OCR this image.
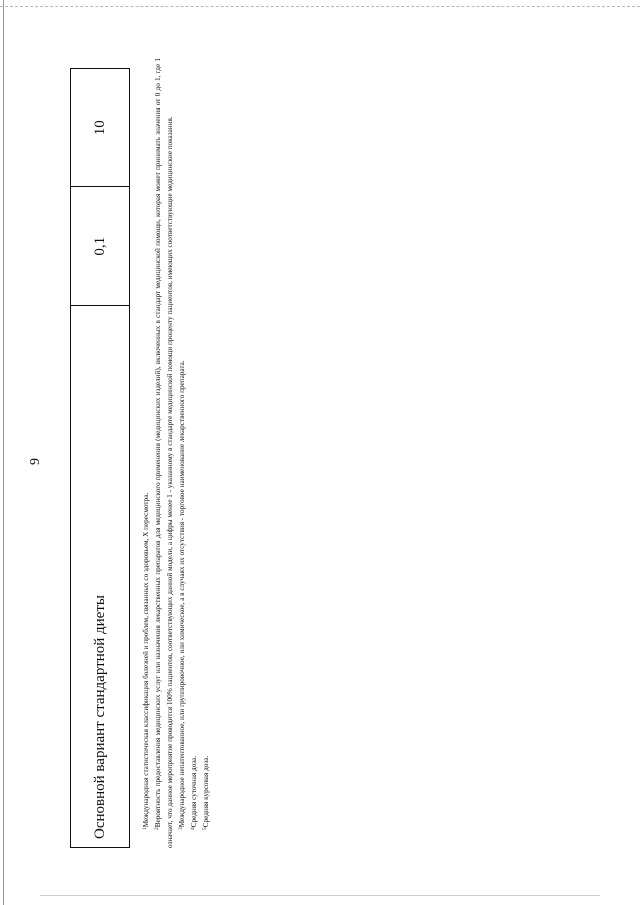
9
Основной вариант стандартной диеты	0,1	10

$^1$Международная статистическая классификация болезней и проблем, связанных со здоровьем, X пересмотра.

$^2$Вероятность предоставления медицинских услуг или назначения лекарственных препаратов для медицинского применения (медицинских изделий), включенных в стандарт медицинской помощи, которая может принимать значения от 0 до 1, где 1 означает, что данное мероприятие проводится 100% пациентов, соответствующих данной модели, а цифры менее 1 - указанному в стандарте медицинской помощи проценту пациентов, имеющих соответствующие медицинские показания. $^3$Международное непатентованное, или группировочное, или химическое, а в случаях их отсутствия - торговое наименование лекарственного препарата.

$^4$Средняя суточная доза.

$^5$Средняя курсовая доза.
